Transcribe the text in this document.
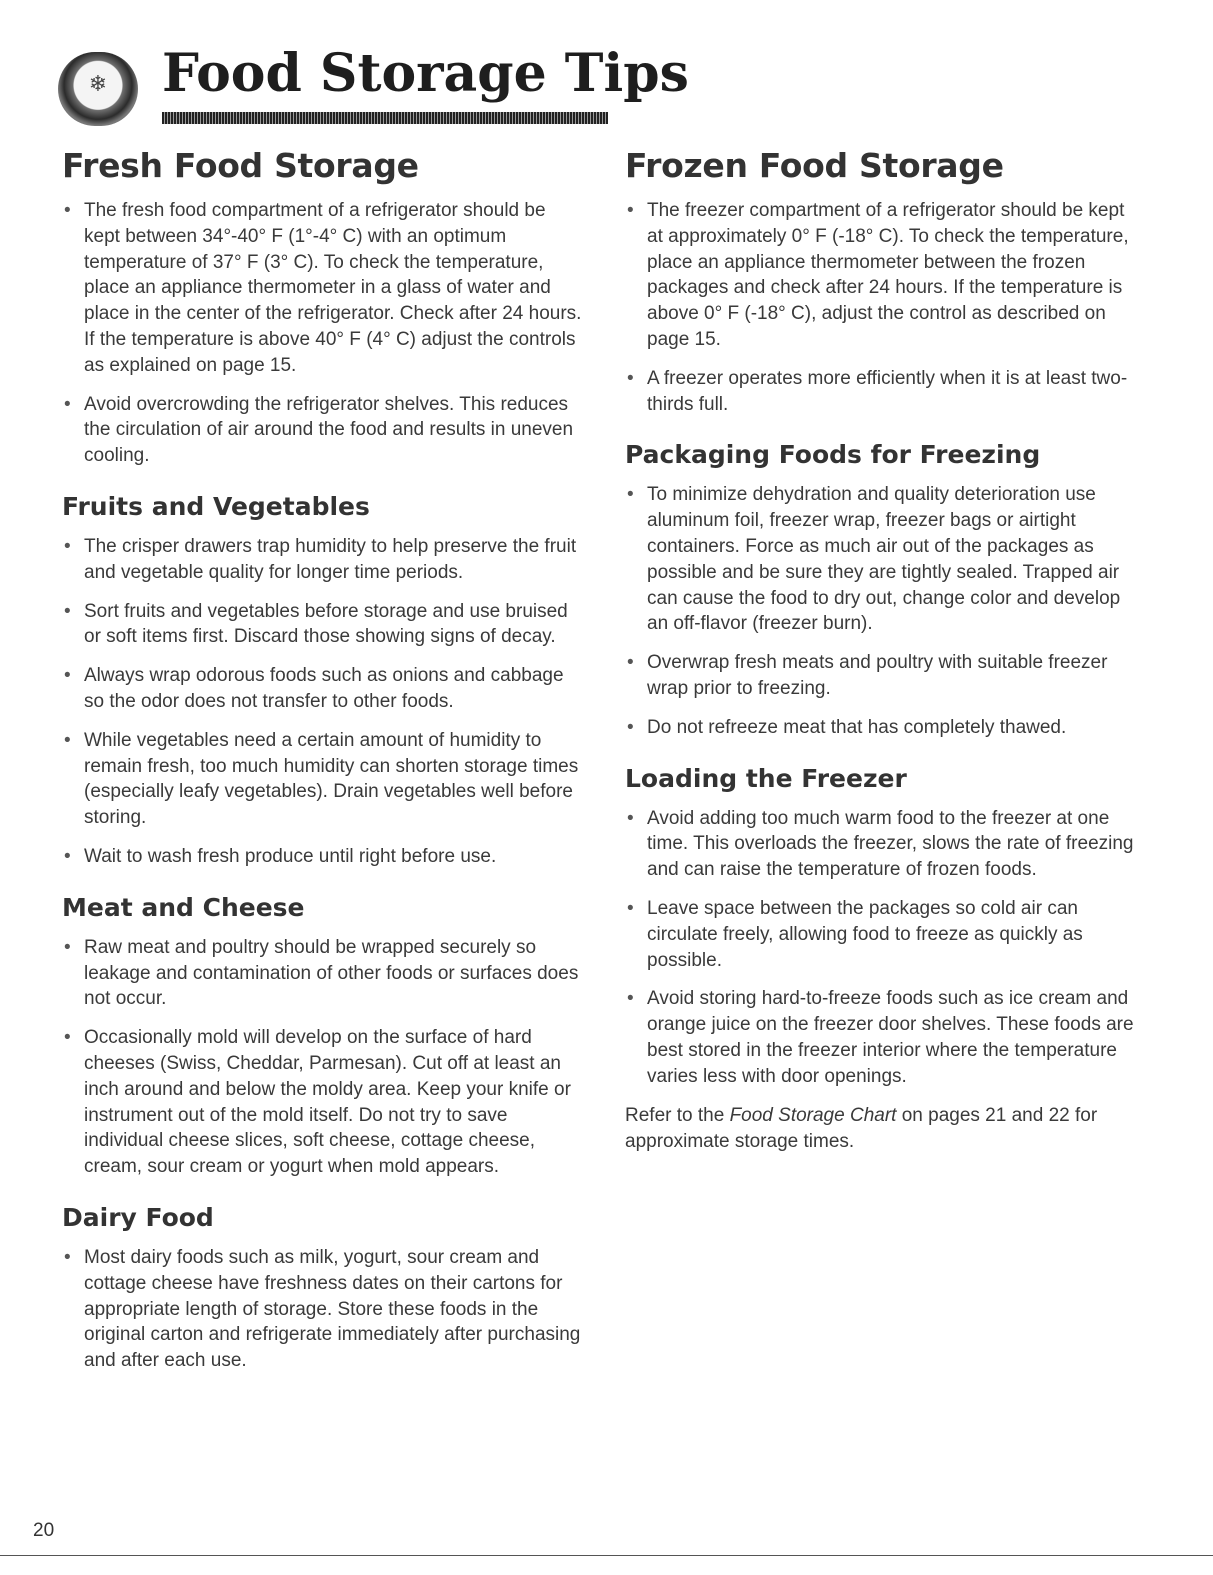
❄	Food Storage Tips
Fresh Food Storage
• The fresh food compartment of a refrigerator should be kept between 34°-40° F (1°-4° C) with an optimum temperature of 37° F (3° C). To check the temperature, place an appliance thermometer in a glass of water and place in the center of the refrigerator. Check after 24 hours. If the temperature is above 40° F (4° C) adjust the controls as explained on page 15.
• Avoid overcrowding the refrigerator shelves. This reduces the circulation of air around the food and results in uneven cooling.
Fruits and Vegetables
• The crisper drawers trap humidity to help preserve the fruit and vegetable quality for longer time periods.
• Sort fruits and vegetables before storage and use bruised or soft items first. Discard those showing signs of decay.
• Always wrap odorous foods such as onions and cabbage so the odor does not transfer to other foods.
• While vegetables need a certain amount of humidity to remain fresh, too much humidity can shorten storage times (especially leafy vegetables). Drain vegetables well before storing.
• Wait to wash fresh produce until right before use.
Meat and Cheese
• Raw meat and poultry should be wrapped securely so leakage and contamination of other foods or surfaces does not occur.
• Occasionally mold will develop on the surface of hard cheeses (Swiss, Cheddar, Parmesan). Cut off at least an inch around and below the moldy area. Keep your knife or instrument out of the mold itself. Do not try to save individual cheese slices, soft cheese, cottage cheese, cream, sour cream or yogurt when mold appears.
Dairy Food
• Most dairy foods such as milk, yogurt, sour cream and cottage cheese have freshness dates on their cartons for appropriate length of storage. Store these foods in the original carton and refrigerate immediately after purchasing and after each use.
Frozen Food Storage
• The freezer compartment of a refrigerator should be kept at approximately 0° F (-18° C). To check the temperature, place an appliance thermometer between the frozen packages and check after 24 hours. If the temperature is above 0° F (-18° C), adjust the control as described on page 15.
• A freezer operates more efficiently when it is at least two-thirds full.
Packaging Foods for Freezing
• To minimize dehydration and quality deterioration use aluminum foil, freezer wrap, freezer bags or airtight containers. Force as much air out of the packages as possible and be sure they are tightly sealed. Trapped air can cause the food to dry out, change color and develop an off-flavor (freezer burn).
• Overwrap fresh meats and poultry with suitable freezer wrap prior to freezing.
• Do not refreeze meat that has completely thawed.
Loading the Freezer
• Avoid adding too much warm food to the freezer at one time. This overloads the freezer, slows the rate of freezing and can raise the temperature of frozen foods.
• Leave space between the packages so cold air can circulate freely, allowing food to freeze as quickly as possible.
• Avoid storing hard-to-freeze foods such as ice cream and orange juice on the freezer door shelves. These foods are best stored in the freezer interior where the temperature varies less with door openings.

Refer to the Food Storage Chart on pages 21 and 22 for approximate storage times.

20
